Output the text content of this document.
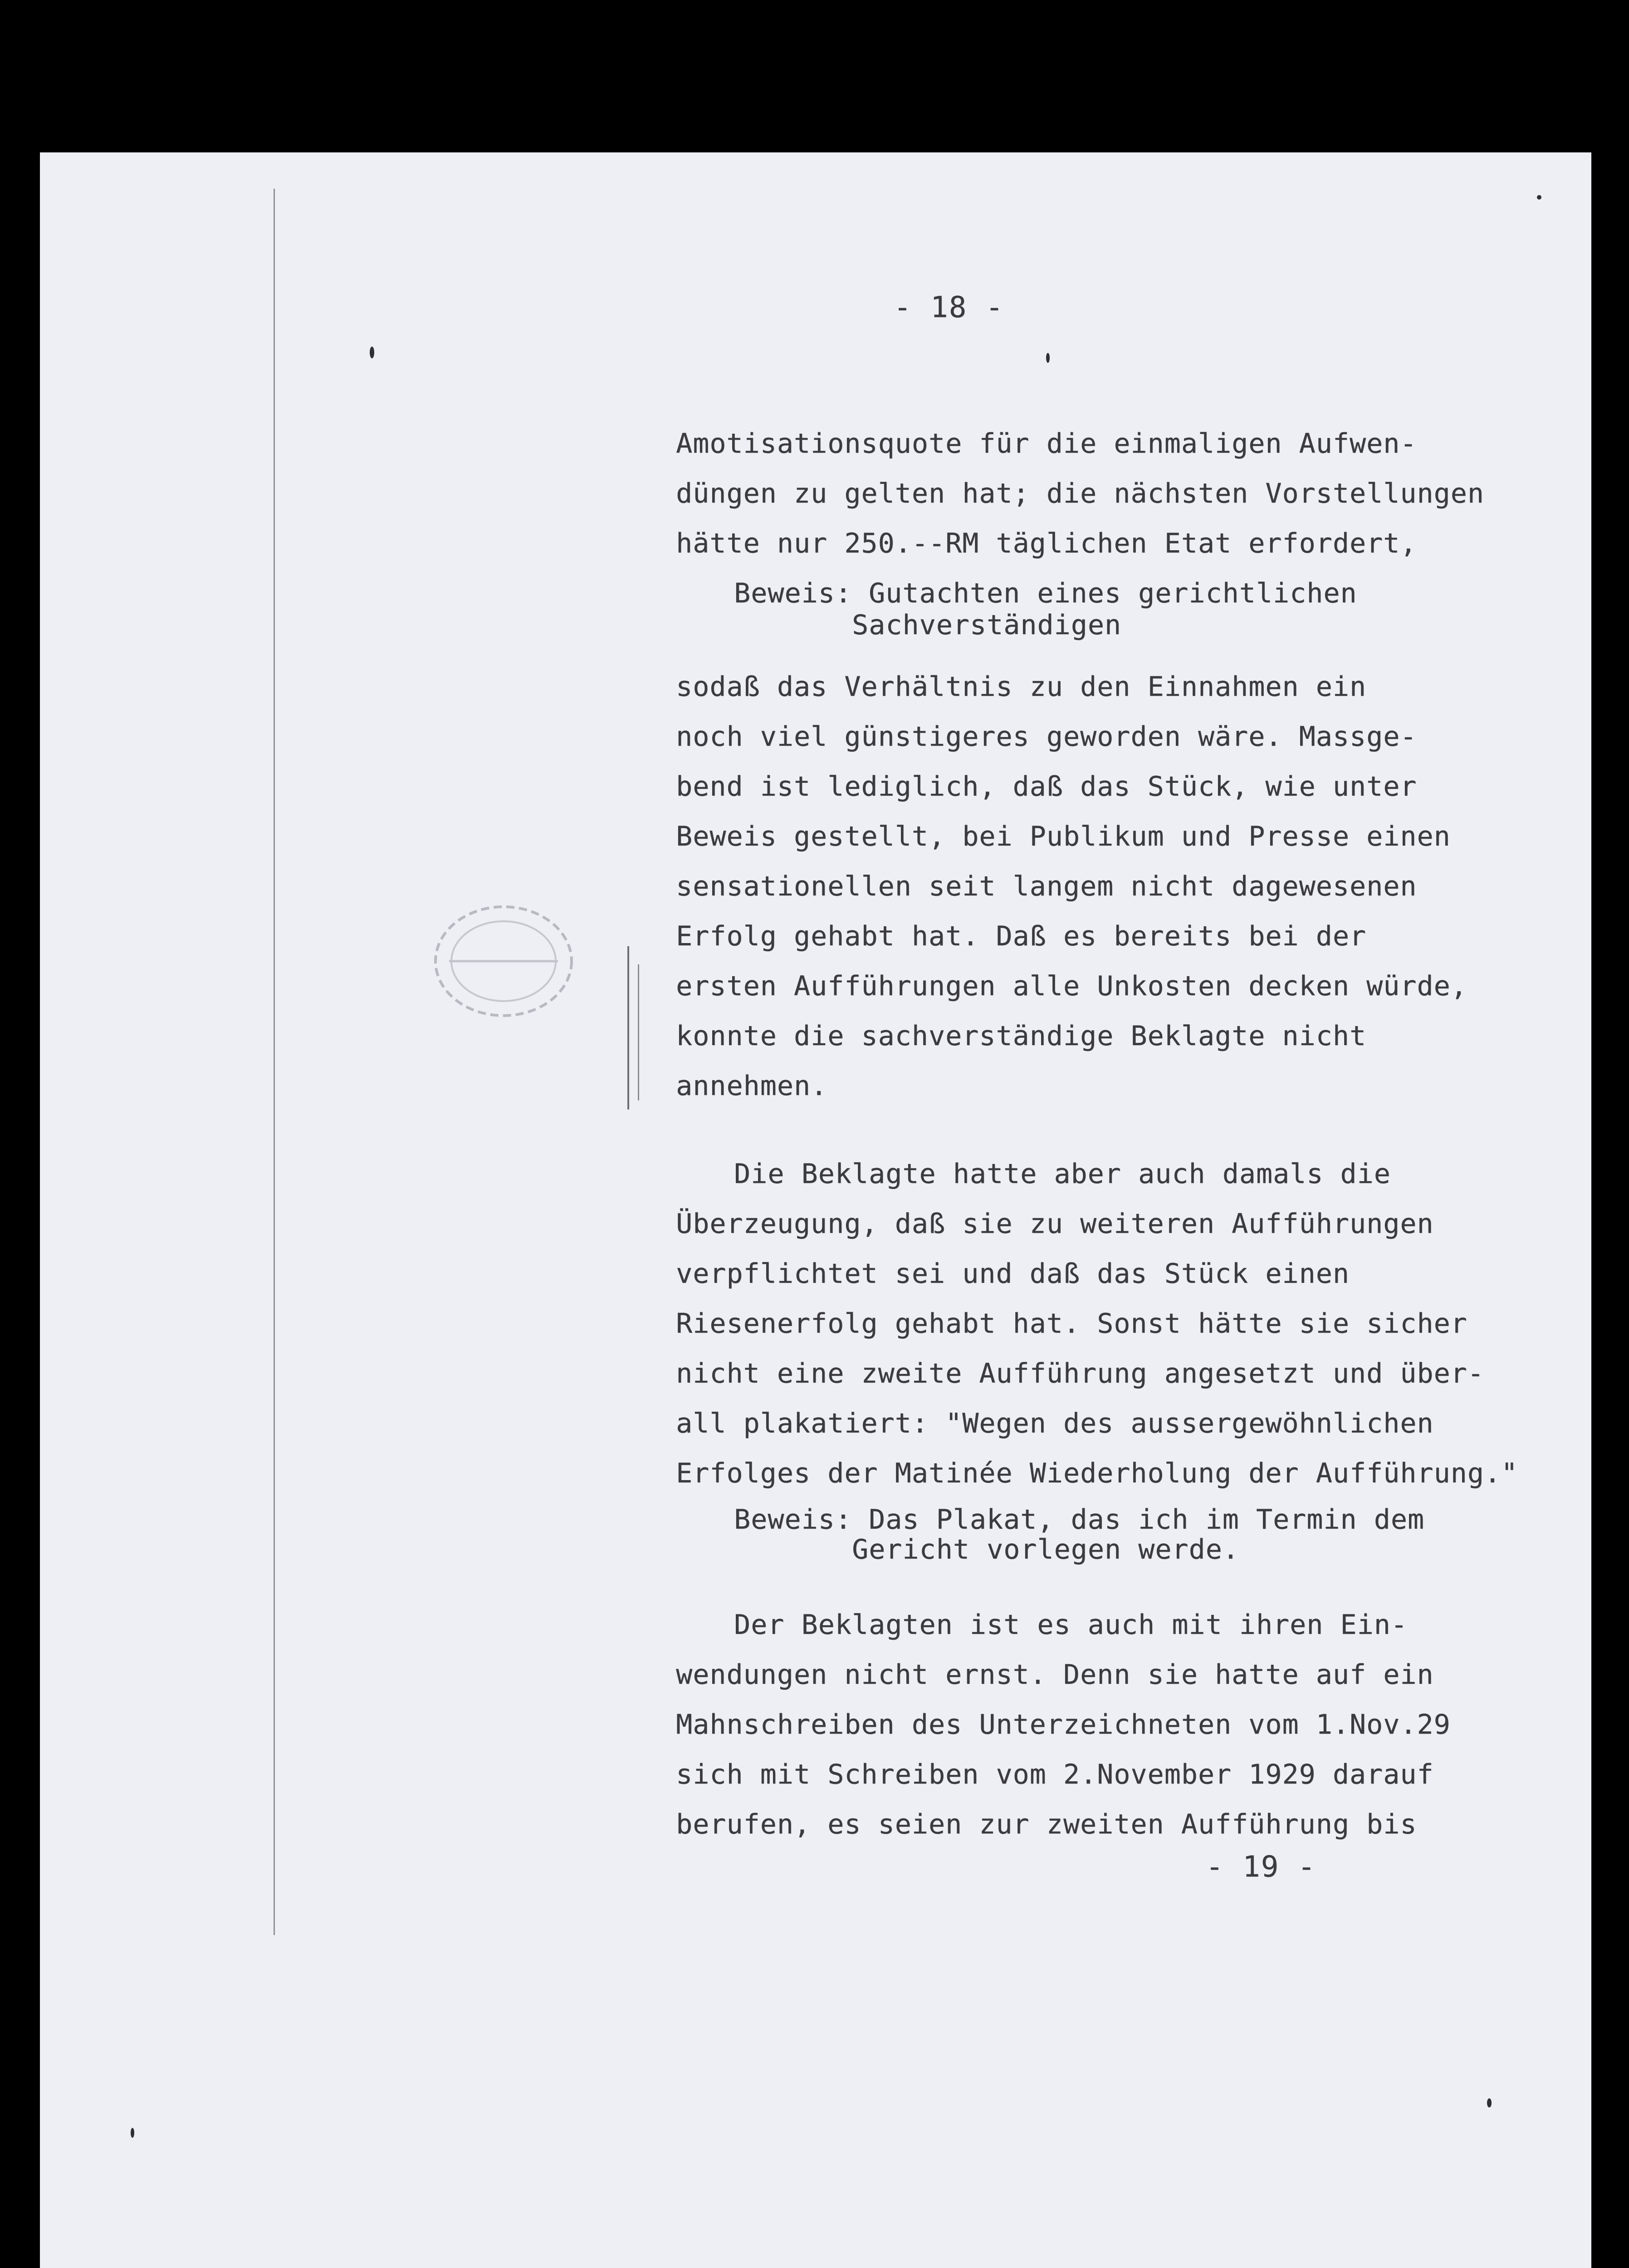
- 18 -
Amotisationsquote für die einmaligen Aufwen-
düngen zu gelten hat; die nächsten Vorstellungen
hätte nur 250.--RM täglichen Etat erfordert,
Beweis: Gutachten eines gerichtlichen
Sachverständigen
sodaß das Verhältnis zu den Einnahmen ein
noch viel günstigeres geworden wäre. Massge-
bend ist lediglich, daß das Stück, wie unter
Beweis gestellt, bei Publikum und Presse einen
sensationellen seit langem nicht dagewesenen
Erfolg gehabt hat. Daß es bereits bei der
ersten Aufführungen alle Unkosten decken würde,
konnte die sachverständige Beklagte nicht
annehmen.
Die Beklagte hatte aber auch damals die
Überzeugung, daß sie zu weiteren Aufführungen
verpflichtet sei und daß das Stück einen
Riesenerfolg gehabt hat. Sonst hätte sie sicher
nicht eine zweite Aufführung angesetzt und über-
all plakatiert: "Wegen des aussergewöhnlichen
Erfolges der Matinée Wiederholung der Aufführung."
Beweis: Das Plakat, das ich im Termin dem
Gericht vorlegen werde.
Der Beklagten ist es auch mit ihren Ein-
wendungen nicht ernst. Denn sie hatte auf ein
Mahnschreiben des Unterzeichneten vom 1.Nov.29
sich mit Schreiben vom 2.November 1929 darauf
berufen, es seien zur zweiten Aufführung bis
- 19 -
